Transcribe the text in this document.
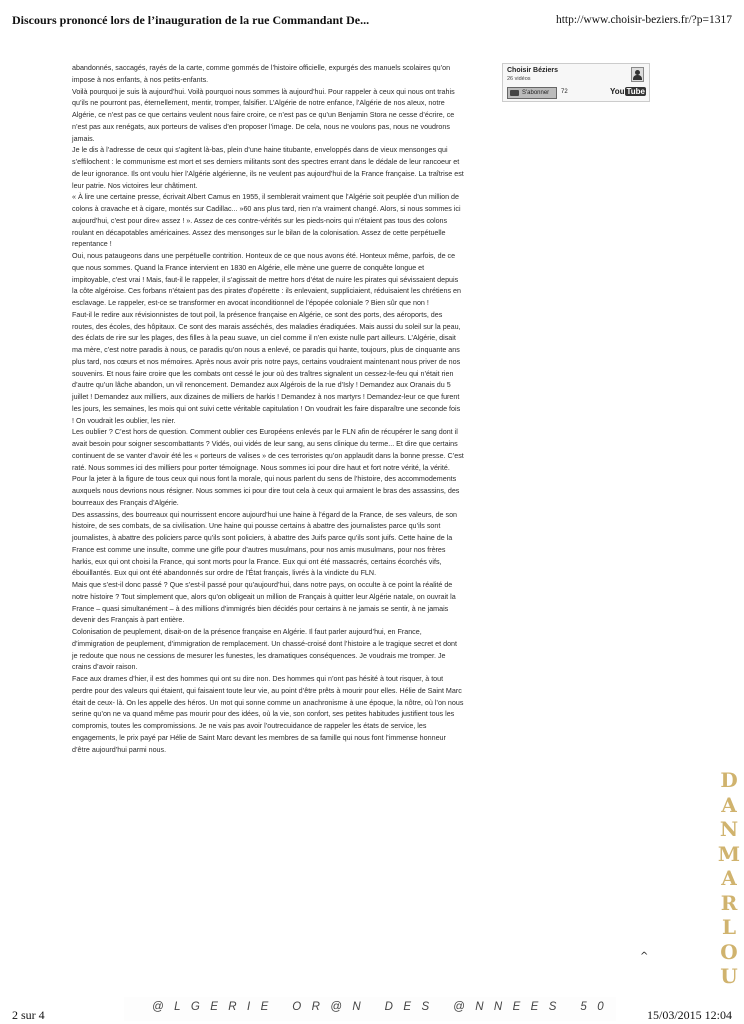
Discours prononcé lors de l’inauguration de la rue Commandant De...	http://www.choisir-beziers.fr/?p=1317

abandonnés, saccagés, rayés de la carte, comme gommés de l’histoire officielle, expurgés des manuels scolaires qu’on impose à nos enfants, à nos petits-enfants.

Voilà pourquoi je suis là aujourd’hui. Voilà pourquoi nous sommes là aujourd’hui. Pour rappeler à ceux qui nous ont trahis qu’ils ne pourront pas, éternellement, mentir, tromper, falsifier. L’Algérie de notre enfance, l’Algérie de nos aïeux, notre Algérie, ce n’est pas ce que certains veulent nous faire croire, ce n’est pas ce qu’un Benjamin Stora ne cesse d’écrire, ce n’est pas aux renégats, aux porteurs de valises d’en proposer l’image. De cela, nous ne voulons pas, nous ne voudrons jamais.

Je le dis à l’adresse de ceux qui s’agitent là-bas, plein d’une haine titubante, enveloppés dans de vieux mensonges qui s’effilochent : le communisme est mort et ses derniers militants sont des spectres errant dans le dédale de leur rancoeur et de leur ignorance. Ils ont voulu hier l’Algérie algérienne, ils ne veulent pas aujourd’hui de la France française. La traîtrise est leur patrie. Nos victoires leur châtiment.

« À lire une certaine presse, écrivait Albert Camus en 1955, il semblerait vraiment que l’Algérie soit peuplée d’un million de colons à cravache et à cigare, montés sur Cadillac... »60 ans plus tard, rien n’a vraiment changé. Alors, si nous sommes ici aujourd’hui, c’est pour dire« assez ! ». Assez de ces contre-vérités sur les pieds-noirs qui n’étaient pas tous des colons roulant en décapotables américaines. Assez des mensonges sur le bilan de la colonisation. Assez de cette perpétuelle repentance !

Oui, nous pataugeons dans une perpétuelle contrition. Honteux de ce que nous avons été. Honteux même, parfois, de ce que nous sommes. Quand la France intervient en 1830 en Algérie, elle mène une guerre de conquête longue et impitoyable, c’est vrai ! Mais, faut-il le rappeler, il s’agissait de mettre hors d’état de nuire les pirates qui sévissaient depuis la côte algéroise. Ces forbans n’étaient pas des pirates d’opérette : ils enlevaient, suppliciaient, réduisaient les chrétiens en esclavage. Le rappeler, est-ce se transformer en avocat inconditionnel de l’épopée coloniale ? Bien sûr que non !

Faut-il le redire aux révisionnistes de tout poil, la présence française en Algérie, ce sont des ports, des aéroports, des routes, des écoles, des hôpitaux. Ce sont des marais asséchés, des maladies éradiquées. Mais aussi du soleil sur la peau, des éclats de rire sur les plages, des filles à la peau suave, un ciel comme il n’en existe nulle part ailleurs. L’Algérie, disait ma mère, c’est notre paradis à nous, ce paradis qu’on nous a enlevé, ce paradis qui hante, toujours, plus de cinquante ans plus tard, nos cœurs et nos mémoires. Après nous avoir pris notre pays, certains voudraient maintenant nous priver de nos souvenirs. Et nous faire croire que les combats ont cessé le jour où des traîtres signalent un cessez-le-feu qui n’était rien d’autre qu’un lâche abandon, un vil renoncement. Demandez aux Algérois de la rue d’Isly ! Demandez aux Oranais du 5 juillet ! Demandez aux milliers, aux dizaines de milliers de harkis ! Demandez à nos martyrs ! Demandez-leur ce que furent les jours, les semaines, les mois qui ont suivi cette véritable capitulation ! On voudrait les faire disparaître une seconde fois ! On voudrait les oublier, les nier.

Les oublier ? C’est hors de question. Comment oublier ces Européens enlevés par le FLN afin de récupérer le sang dont il avait besoin pour soigner sescombattants ? Vidés, oui vidés de leur sang, au sens clinique du terme... Et dire que certains continuent de se vanter d’avoir été les « porteurs de valises » de ces terroristes qu’on applaudit dans la bonne presse. C’est raté. Nous sommes ici des milliers pour porter témoignage. Nous sommes ici pour dire haut et fort notre vérité, la vérité. Pour la jeter à la figure de tous ceux qui nous font la morale, qui nous parlent du sens de l’histoire, des accommodements auxquels nous devrions nous résigner. Nous sommes ici pour dire tout cela à ceux qui armaient le bras des assassins, des bourreaux des Français d’Algérie.

Des assassins, des bourreaux qui nourrissent encore aujourd’hui une haine à l’égard de la France, de ses valeurs, de son histoire, de ses combats, de sa civilisation. Une haine qui pousse certains à abattre des journalistes parce qu’ils sont journalistes, à abattre des policiers parce qu’ils sont policiers, à abattre des Juifs parce qu’ils sont juifs. Cette haine de la France est comme une insulte, comme une gifle pour d’autres musulmans, pour nos amis musulmans, pour nos frères harkis, eux qui ont choisi la France, qui sont morts pour la France. Eux qui ont été massacrés, certains écorchés vifs, ébouillantés. Eux qui ont été abandonnés sur ordre de l’État français, livrés à la vindicte du FLN.

Mais que s’est-il donc passé ? Que s’est-il passé pour qu’aujourd’hui, dans notre pays, on occulte à ce point la réalité de notre histoire ? Tout simplement que, alors qu’on obligeait un million de Français à quitter leur Algérie natale, on ouvrait la France – quasi simultanément – à des millions d’immigrés bien décidés pour certains à ne jamais se sentir, à ne jamais devenir des Français à part entière.

Colonisation de peuplement, disait-on de la présence française en Algérie. Il faut parler aujourd’hui, en France, d’immigration de peuplement, d’immigration de remplacement. Un chassé-croisé dont l’histoire a le tragique secret et dont je redoute que nous ne cessions de mesurer les funestes, les dramatiques conséquences. Je voudrais me tromper. Je crains d’avoir raison.

Face aux drames d’hier, il est des hommes qui ont su dire non. Des hommes qui n’ont pas hésité à tout risquer, à tout perdre pour des valeurs qui étaient, qui faisaient toute leur vie, au point d’être prêts à mourir pour elles. Hélie de Saint Marc était de ceux- là. On les appelle des héros. Un mot qui sonne comme un anachronisme à une époque, la nôtre, où l’on nous serine qu’on ne va quand même pas mourir pour des idées, où la vie, son confort, ses petites habitudes justifient tous les compromis, toutes les compromissions. Je ne vais pas avoir l’outrecuidance de rappeler les états de service, les engagements, le prix payé par Hélie de Saint Marc devant les membres de sa famille qui nous font l’immense honneur d’être aujourd’hui parmi nous.

Choisir Béziers
26 vidéos
S'abonner	72	You Tube
^
D
A
N
M
A
R
L
O
U
@LGERIE OR@N DES @NNEES 50
2 sur 4	15/03/2015 12:04
